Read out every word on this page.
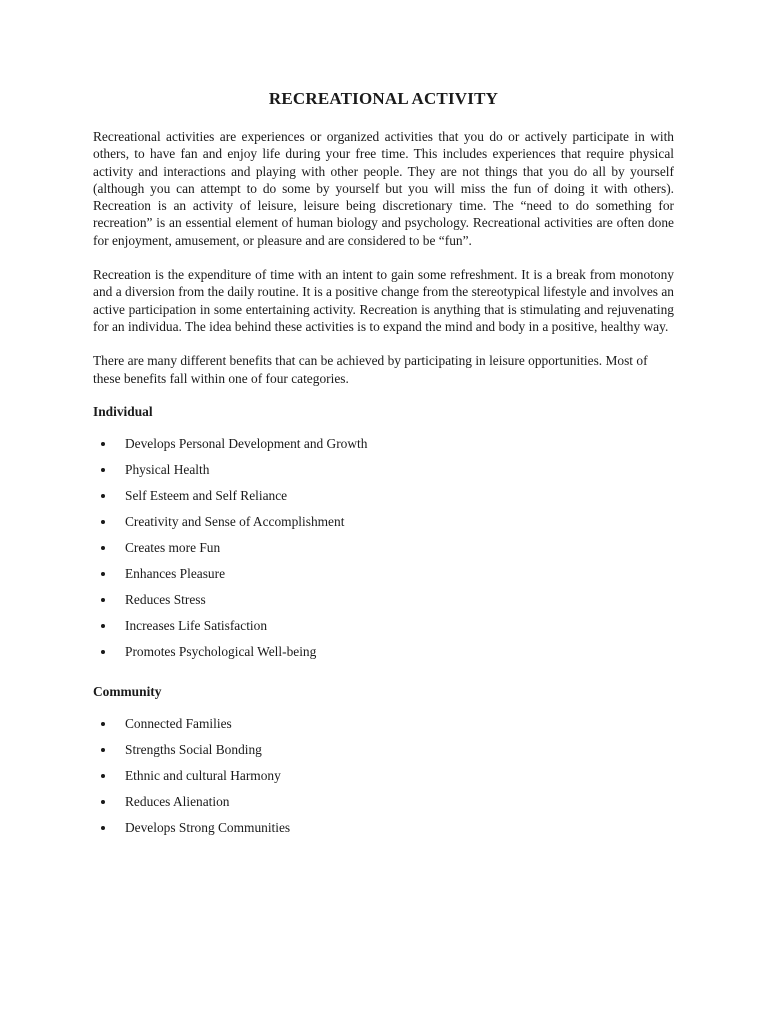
RECREATIONAL ACTIVITY

Recreational activities are experiences or organized activities that you do or actively participate in with others, to have fan and enjoy life during your free time. This includes experiences that require physical activity and interactions and playing with other people. They are not things that you do all by yourself (although you can attempt to do some by yourself but you will miss the fun of doing it with others). Recreation is an activity of leisure, leisure being discretionary time. The “need to do something for recreation” is an essential element of human biology and psychology. Recreational activities are often done for enjoyment, amusement, or pleasure and are considered to be “fun”.

Recreation is the expenditure of time with an intent to gain some refreshment. It is a break from monotony and a diversion from the daily routine. It is a positive change from the stereotypical lifestyle and involves an active participation in some entertaining activity. Recreation is anything that is stimulating and rejuvenating for an individua. The idea behind these activities is to expand the mind and body in a positive, healthy way.

There are many different benefits that can be achieved by participating in leisure opportunities. Most of these benefits fall within one of four categories.

Individual
Develops Personal Development and Growth
Physical Health
Self Esteem and Self Reliance
Creativity and Sense of Accomplishment
Creates more Fun
Enhances Pleasure
Reduces Stress
Increases Life Satisfaction
Promotes Psychological Well-being
Community
Connected Families
Strengths Social Bonding
Ethnic and cultural Harmony
Reduces Alienation
Develops Strong Communities
